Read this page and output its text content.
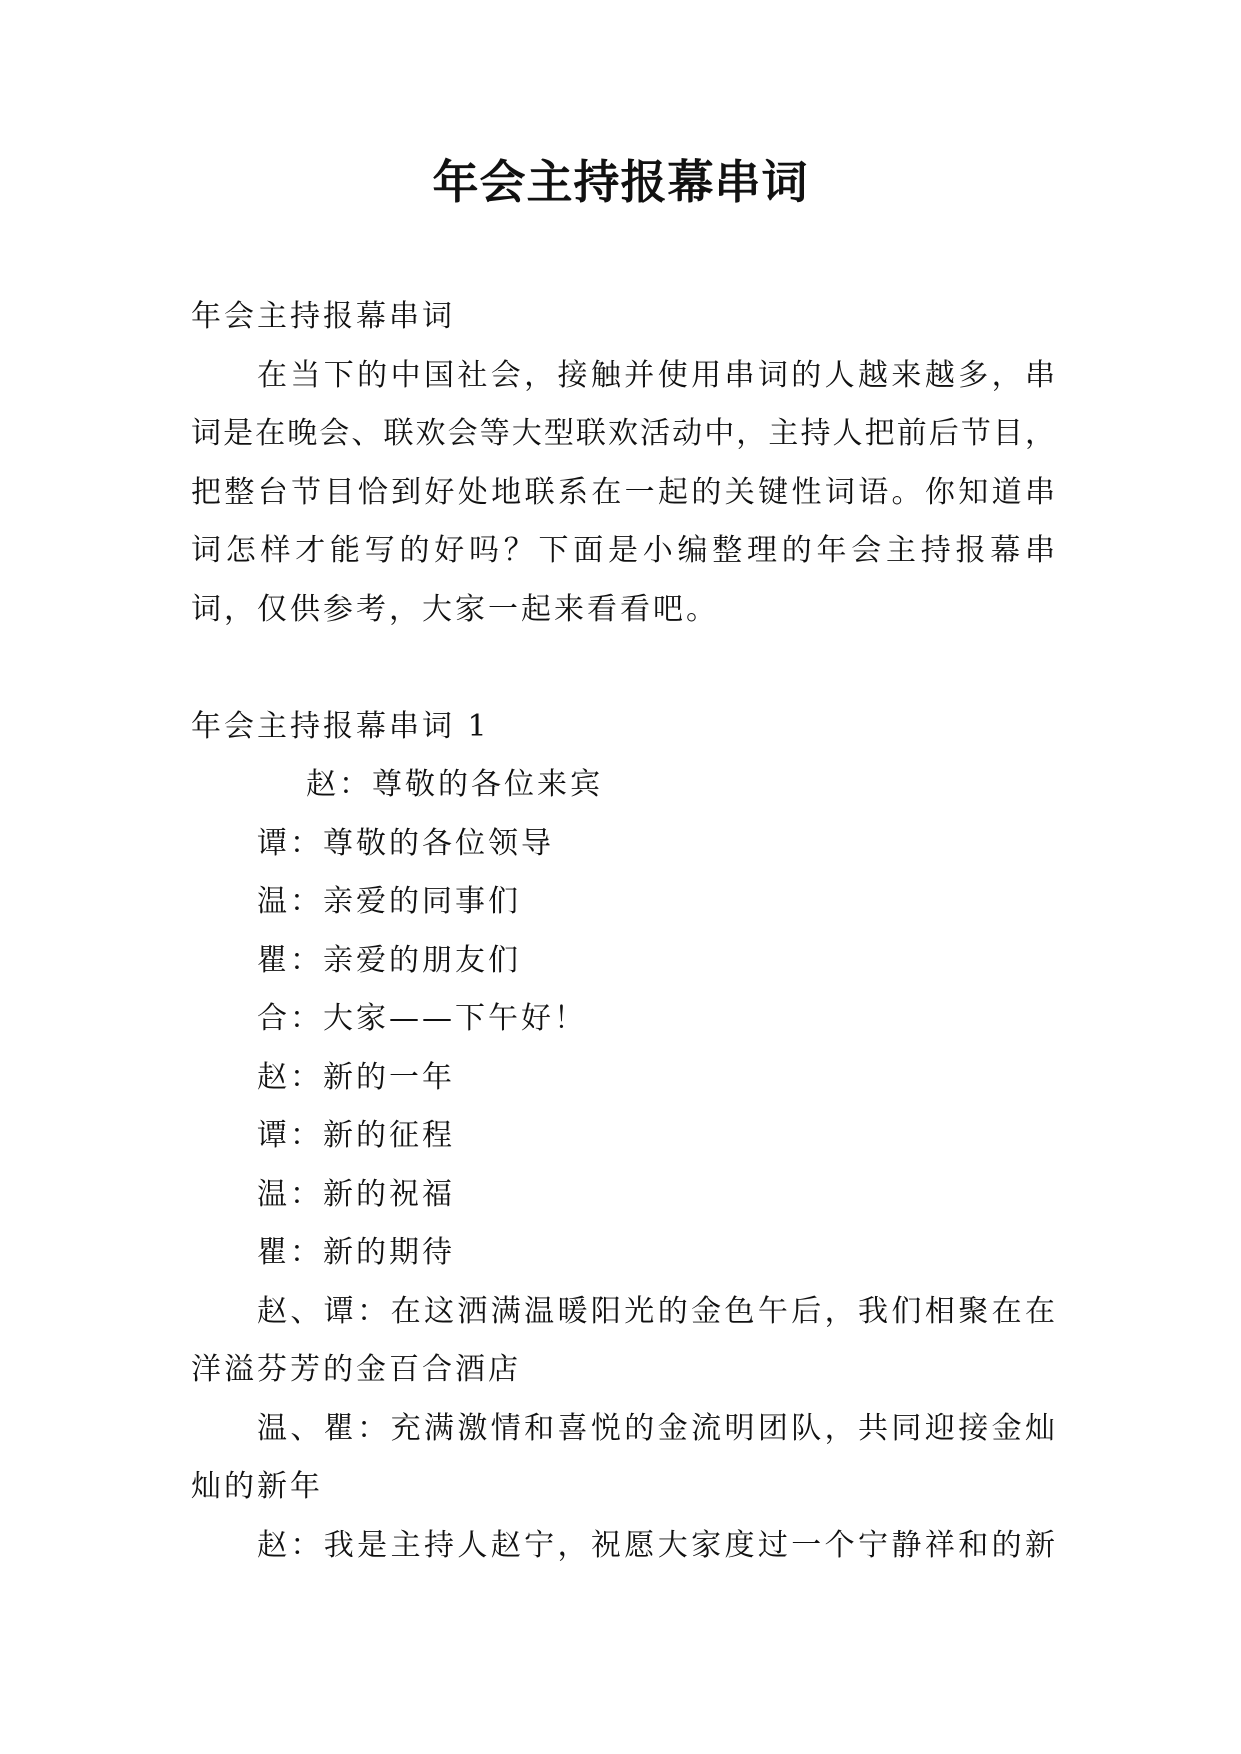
年会主持报幕串词
年会主持报幕串词
在当下的中国社会，接触并使用串词的人越来越多，串
词是在晚会、联欢会等大型联欢活动中，主持人把前后节目，
把整台节目恰到好处地联系在一起的关键性词语。你知道串
词怎样才能写的好吗？下面是小编整理的年会主持报幕串
词，仅供参考，大家一起来看看吧。
年会主持报幕串词 1
赵：尊敬的各位来宾
谭：尊敬的各位领导
温：亲爱的同事们
瞿：亲爱的朋友们
合：大家——下午好！
赵：新的一年
谭：新的征程
温：新的祝福
瞿：新的期待
赵、谭：在这洒满温暖阳光的金色午后，我们相聚在在
洋溢芬芳的金百合酒店
温、瞿：充满激情和喜悦的金流明团队，共同迎接金灿
灿的新年
赵：我是主持人赵宁，祝愿大家度过一个宁静祥和的新
